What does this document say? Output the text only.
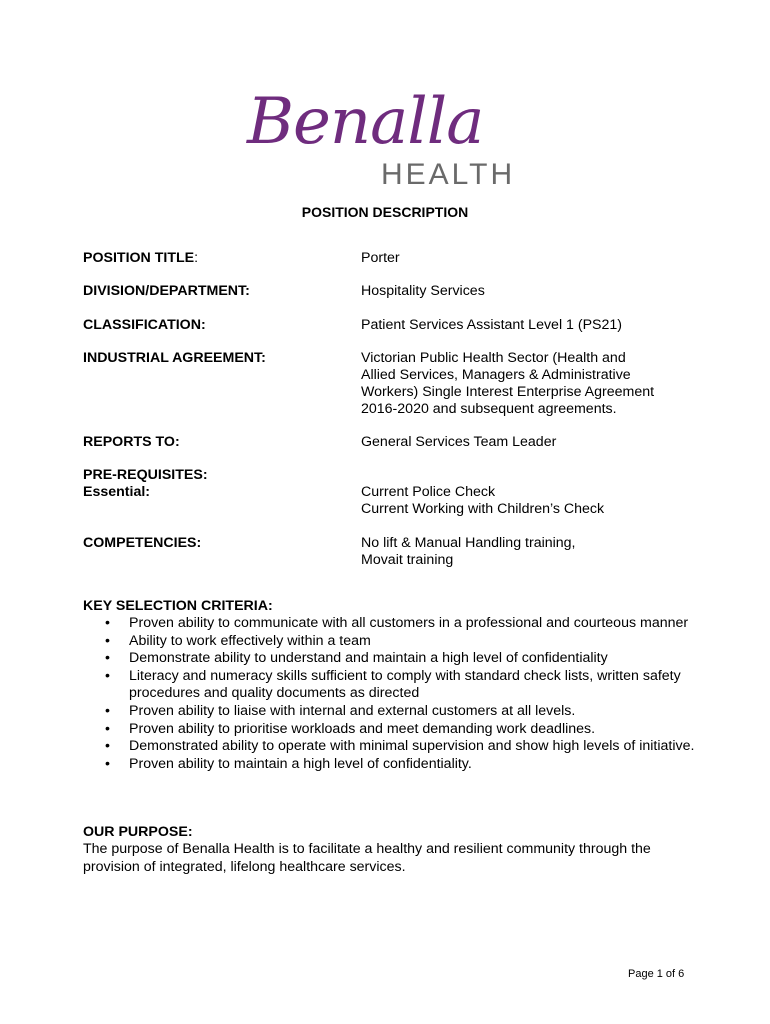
Benalla
HEALTH
POSITION DESCRIPTION
POSITION TITLE:	Porter
DIVISION/DEPARTMENT:	Hospitality Services
CLASSIFICATION:	Patient Services Assistant Level 1 (PS21)
INDUSTRIAL AGREEMENT:	Victorian Public Health Sector (Health and
Allied Services, Managers & Administrative
Workers) Single Interest Enterprise Agreement
2016-2020 and subsequent agreements.
REPORTS TO:	General Services Team Leader
PRE-REQUISITES:
Essential:	Current Police Check
Current Working with Children’s Check
COMPETENCIES:	No lift & Manual Handling training,
Movait training
KEY SELECTION CRITERIA:
• Proven ability to communicate with all customers in a professional and courteous manner
• Ability to work effectively within a team
• Demonstrate ability to understand and maintain a high level of confidentiality
• Literacy and numeracy skills sufficient to comply with standard check lists, written safety procedures and quality documents as directed
• Proven ability to liaise with internal and external customers at all levels.
• Proven ability to prioritise workloads and meet demanding work deadlines.
• Demonstrated ability to operate with minimal supervision and show high levels of initiative.
• Proven ability to maintain a high level of confidentiality.
OUR PURPOSE:
The purpose of Benalla Health is to facilitate a healthy and resilient community through the provision of integrated, lifelong healthcare services.
Page 1 of 6
